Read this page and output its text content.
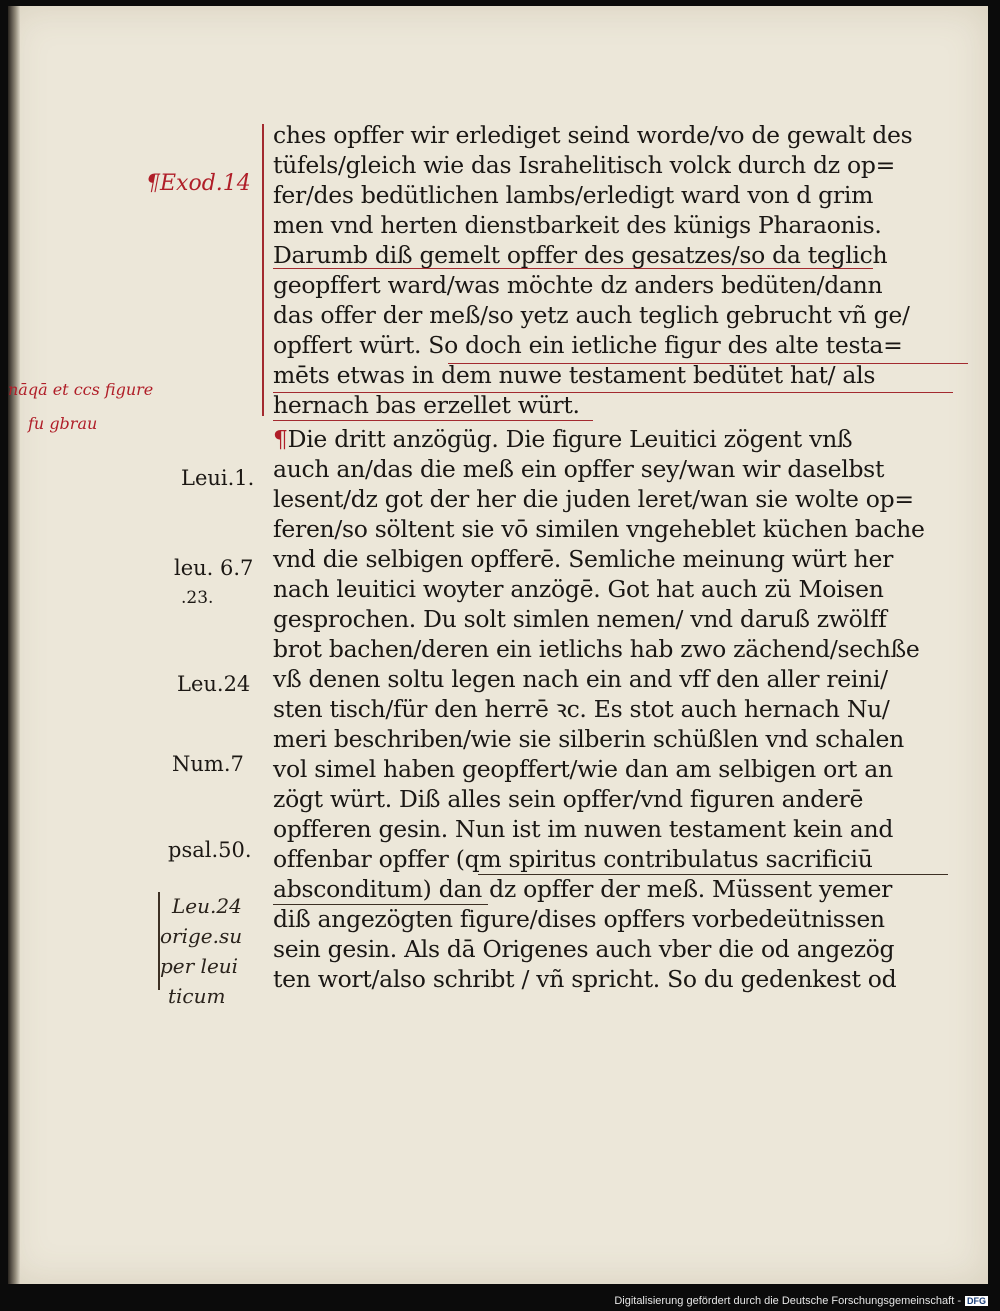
¶Exod.14
nāqā et ccs figure
fu gbrau
Leui.1.
leu. 6.7
.23.
Leu.24
Num.7
psal.50.
Leu.24
orige.su
per leui
ticum
ches opffer wir erlediget seind worde/vo de gewalt des
tüfels/gleich wie das Israhelitisch volck durch dz op=
fer/des bedütlichen lambs/erledigt ward von d grim
men vnd herten dienstbarkeit des künigs Pharaonis.
Darumb diß gemelt opffer des gesatzes/so da teglich
geopffert ward/was möchte dz anders bedüten/dann
das offer der meß/so yetz auch teglich gebrucht vñ ge/
opffert würt. So doch ein ietliche figur des alte testa=
mēts etwas in dem nuwe testament bedütet hat/ als
hernach bas erzellet würt.
¶Die dritt anzögüg. Die figure Leuitici zögent vnß
auch an/das die meß ein opffer sey/wan wir daselbst
lesent/dz got der her die juden leret/wan sie wolte op=
feren/so söltent sie vō similen vngeheblet küchen bache
vnd die selbigen opfferē. Semliche meinung würt her
nach leuitici woyter anzögē. Got hat auch zü Moisen
gesprochen. Du solt simlen nemen/ vnd daruß zwölff
brot bachen/deren ein ietlichs hab zwo zächend/sechße
vß denen soltu legen nach ein and vff den aller reini/
sten tisch/für den herrē ꝛc. Es stot auch hernach Nu/
meri beschriben/wie sie silberin schüßlen vnd schalen
vol simel haben geopffert/wie dan am selbigen ort an
zögt würt. Diß alles sein opffer/vnd figuren anderē
opfferen gesin. Nun ist im nuwen testament kein and
offenbar opffer (qm spiritus contribulatus sacrificiū
absconditum) dan dz opffer der meß. Müssent yemer
diß angezögten figure/dises opffers vorbedeütnissen
sein gesin. Als dā Origenes auch vber die od angezög
ten wort/also schribt / vñ spricht. So du gedenkest od
Digitalisierung gefördert durch die Deutsche Forschungsgemeinschaft - DFG
